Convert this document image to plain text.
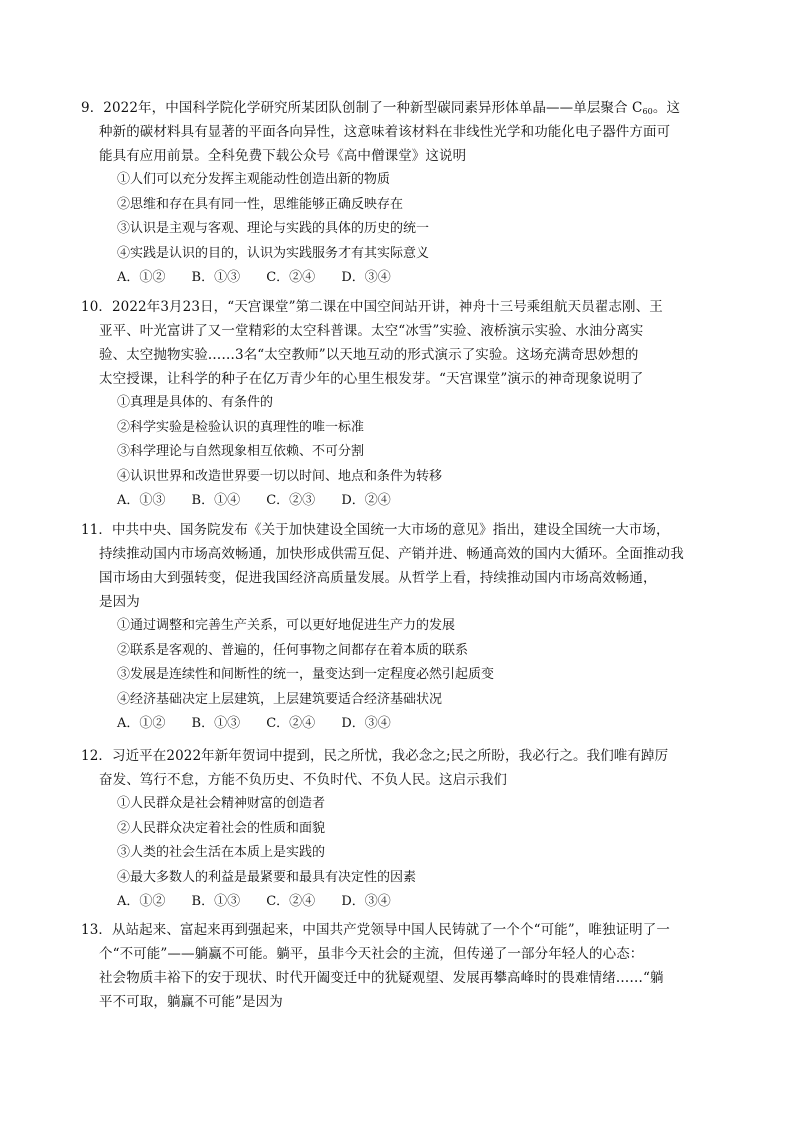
9．2022年，中国科学院化学研究所某团队创制了一种新型碳同素异形体单晶——单层聚合 $C_{60}$。这
种新的碳材料具有显著的平面各向异性，这意味着该材料在非线性光学和功能化电子器件方面可
能具有应用前景。全科免费下载公众号《高中僧课堂》这说明
①人们可以充分发挥主观能动性创造出新的物质
②思维和存在具有同一性，思维能够正确反映存在
③认识是主观与客观、理论与实践的具体的历史的统一
④实践是认识的目的，认识为实践服务才有其实际意义
A．①② B．①③ C．②④ D．③④
10．2022年3月23日，“天宫课堂”第二课在中国空间站开讲，神舟十三号乘组航天员翟志刚、王
亚平、叶光富讲了又一堂精彩的太空科普课。太空“冰雪”实验、液桥演示实验、水油分离实
验、太空抛物实验……3名“太空教师”以天地互动的形式演示了实验。这场充满奇思妙想的
太空授课，让科学的种子在亿万青少年的心里生根发芽。“天宫课堂”演示的神奇现象说明了
①真理是具体的、有条件的
②科学实验是检验认识的真理性的唯一标准
③科学理论与自然现象相互依赖、不可分割
④认识世界和改造世界要一切以时间、地点和条件为转移
A．①③ B．①④ C．②③ D．②④
11．中共中央、国务院发布《关于加快建设全国统一大市场的意见》指出，建设全国统一大市场，
持续推动国内市场高效畅通，加快形成供需互促、产销并进、畅通高效的国内大循环。全面推动我
国市场由大到强转变，促进我国经济高质量发展。从哲学上看，持续推动国内市场高效畅通，
是因为
①通过调整和完善生产关系，可以更好地促进生产力的发展
②联系是客观的、普遍的，任何事物之间都存在着本质的联系
③发展是连续性和间断性的统一，量变达到一定程度必然引起质变
④经济基础决定上层建筑，上层建筑要适合经济基础状况
A．①② B．①③ C．②④ D．③④
12．习近平在2022年新年贺词中提到，民之所忧，我必念之;民之所盼，我必行之。我们唯有踔厉
奋发、笃行不怠，方能不负历史、不负时代、不负人民。这启示我们
①人民群众是社会精神财富的创造者
②人民群众决定着社会的性质和面貌
③人类的社会生活在本质上是实践的
④最大多数人的利益是最紧要和最具有决定性的因素
A．①② B．①③ C．②④ D．③④
13．从站起来、富起来再到强起来，中国共产党领导中国人民铸就了一个个“可能”，唯独证明了一
个“不可能”——躺赢不可能。躺平，虽非今天社会的主流，但传递了一部分年轻人的心态：
社会物质丰裕下的安于现状、时代开阖变迁中的犹疑观望、发展再攀高峰时的畏难情绪……“躺
平不可取，躺赢不可能”是因为
